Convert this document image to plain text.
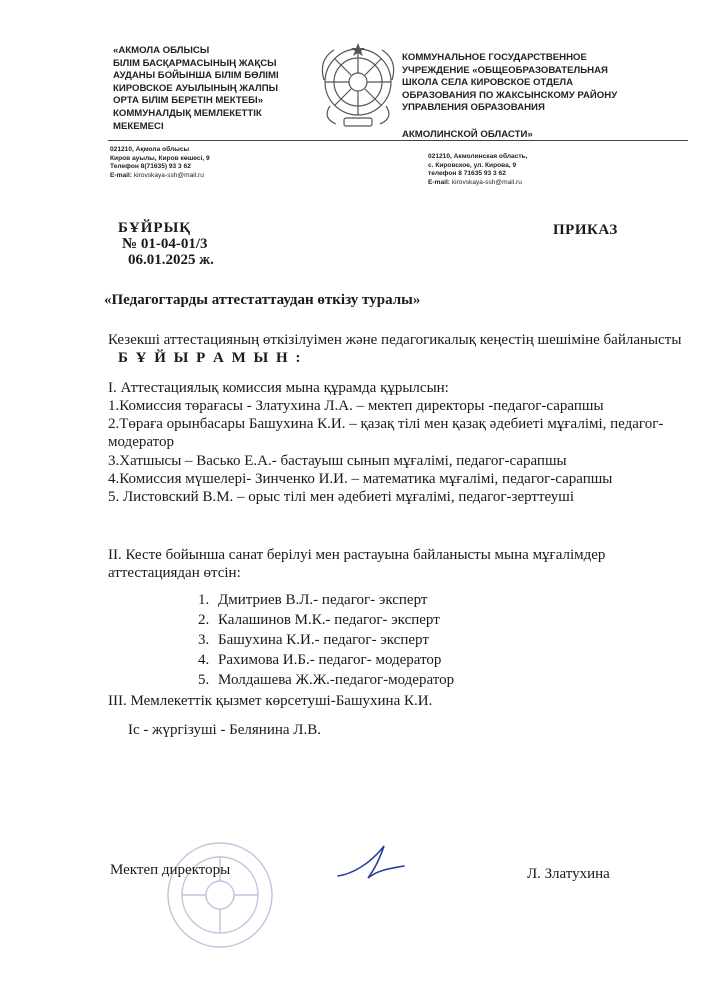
«АКМОЛА ОБЛЫСЫ
БІЛІМ БАСҚАРМАСЫНЫҢ ЖАҚСЫ
АУДАНЫ БОЙЫНША БІЛІМ БӨЛІМІ
КИРОВСКОЕ АУЫЛЫНЫҢ ЖАЛПЫ
ОРТА БІЛІМ БЕРЕТІН МЕКТЕБІ»
КОММУНАЛДЫҚ МЕМЛЕКЕТТІК
МЕКЕМЕСІ
КОММУНАЛЬНОЕ ГОСУДАРСТВЕННОЕ
УЧРЕЖДЕНИЕ «ОБЩЕОБРАЗОВАТЕЛЬНАЯ
ШКОЛА СЕЛА КИРОВСКОЕ ОТДЕЛА
ОБРАЗОВАНИЯ ПО ЖАКСЫНСКОМУ РАЙОНУ
УПРАВЛЕНИЯ ОБРАЗОВАНИЯ
АКМОЛИНСКОЙ ОБЛАСТИ»
021210, Ақмола облысы
Киров ауылы, Киров көшесі, 9
Телефон 8(71635) 93 3 62
E-mail: kirovskaya-ssh@mail.ru
021210, Акмолинская область,
с. Кировское, ул. Кирова, 9
телефон 8 71635 93 3 62
E-mail: kirovskaya-ssh@mail.ru
БҰЙРЫҚ
№ 01-04-01/3
06.01.2025 ж.
ПРИКАЗ
«Педагогтарды аттестаттаудан өткізу туралы»

Кезекші аттестацияның өткізілуімен және педагогикалық кеңестің шешіміне байланысты Б Ұ Й Ы Р А М Ы Н :

I. Аттестациялық комиссия мына құрамда құрылсын:

1.Комиссия төрағасы - Златухина Л.А. – мектеп директоры -педагог-сарапшы

2.Төраға орынбасары Башухина К.И. – қазақ тілі мен қазақ әдебиеті мұғалімі, педагог-модератор

3.Хатшысы – Васько Е.А.- бастауыш сынып мұғалімі, педагог-сарапшы

4.Комиссия мүшелері- Зинченко И.И. – математика мұғалімі, педагог-сарапшы

5. Листовский В.М. – орыс тілі мен әдебиеті мұғалімі, педагог-зерттеуші

II. Кесте бойынша санат берілуі мен растауына байланысты мына мұғалімдер аттестациядан өтсін:

1. Дмитриев В.Л.- педагог- эксперт
2. Калашинов М.К.- педагог- эксперт
3. Башухина К.И.- педагог- эксперт
4. Рахимова И.Б.- педагог- модератор
5. Молдашева Ж.Ж.-педагог-модератор

III. Мемлекеттік қызмет көрсетуші-Башухина К.И.

Іс - жүргізуші - Белянина Л.В.

Мектеп директоры	Л. Златухина
